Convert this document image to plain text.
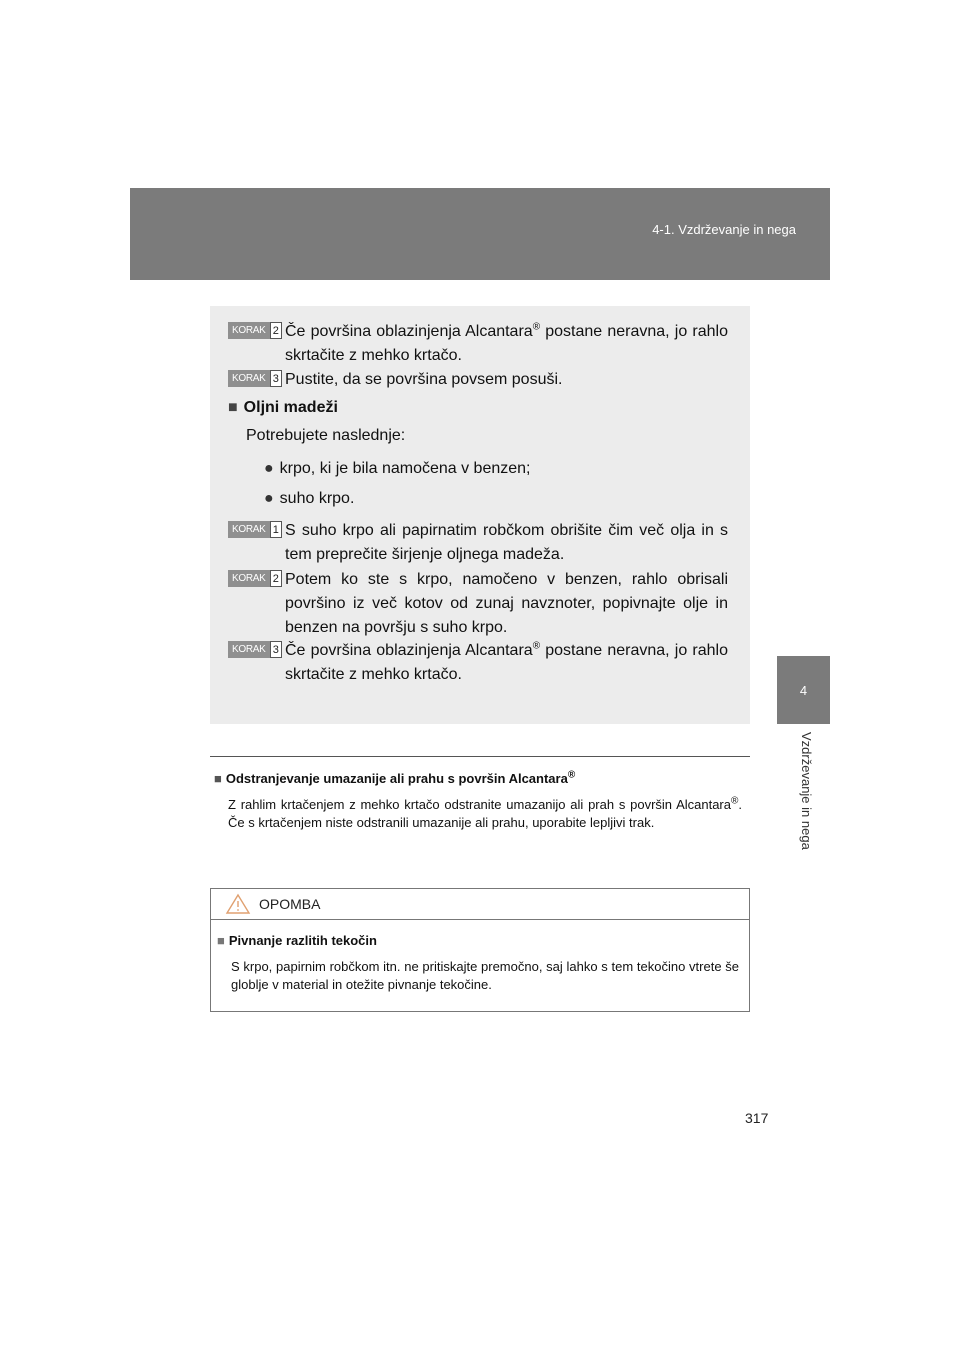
4-1. Vzdrževanje in nega
4
Vzdrževanje in nega
KORAK 2 Če površina oblazinjenja Alcantara® postane neravna, jo rahlo skrtačite z mehko krtačo.
KORAK 3 Pustite, da se površina povsem posuši.
■ Oljni madeži
Potrebujete naslednje:
● krpo, ki je bila namočena v benzen;
● suho krpo.
KORAK 1 S suho krpo ali papirnatim robčkom obrišite čim več olja in s tem preprečite širjenje oljnega madeža.
KORAK 2 Potem ko ste s krpo, namočeno v benzen, rahlo obrisali površino iz več kotov od zunaj navznoter, popivnajte olje in benzen na površju s suho krpo.
KORAK 3 Če površina oblazinjenja Alcantara® postane neravna, jo rahlo skrtačite z mehko krtačo.
■ Odstranjevanje umazanije ali prahu s površin Alcantara®
Z rahlim krtačenjem z mehko krtačo odstranite umazanijo ali prah s površin Alcantara®. Če s krtačenjem niste odstranili umazanije ali prahu, uporabite lepljivi trak.
OPOMBA
■ Pivnanje razlitih tekočin
S krpo, papirnim robčkom itn. ne pritiskajte premočno, saj lahko s tem tekočino vtrete še globlje v material in otežite pivnanje tekočine.
317
